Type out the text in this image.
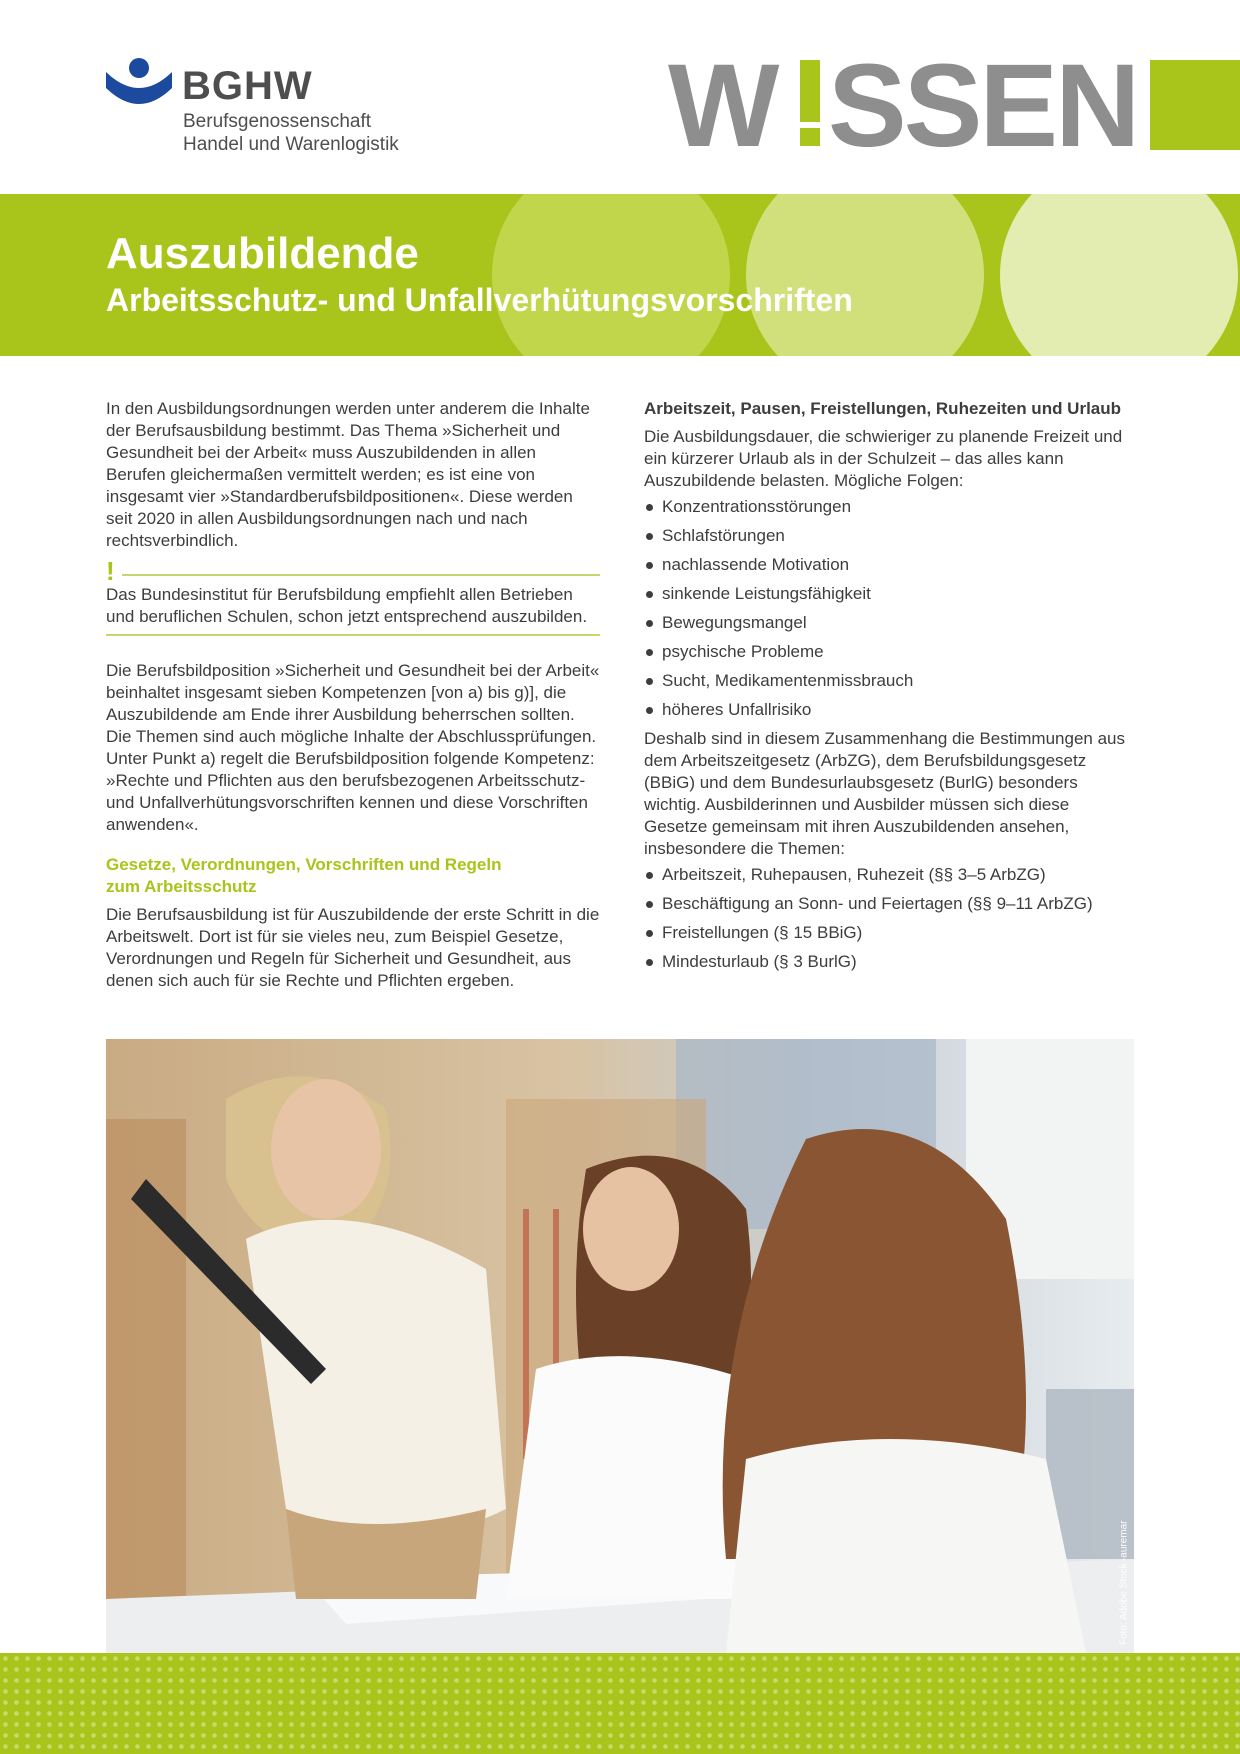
BGHW
Berufsgenossenschaft
Handel und Warenlogistik W SSEN
Auszubildende
Arbeitsschutz- und Unfallverhütungsvorschriften

In den Ausbildungsordnungen werden unter anderem die Inhalte der Berufsausbildung bestimmt. Das Thema »Sicherheit und Gesundheit bei der Arbeit« muss Auszubildenden in allen Berufen gleichermaßen vermittelt werden; es ist eine von insgesamt vier »Standardberufsbildpositionen«. Diese werden seit 2020 in allen Ausbildungsordnungen nach und nach rechtsverbindlich.

!

Das Bundesinstitut für Berufsbildung empfiehlt allen Betrieben und beruflichen Schulen, schon jetzt entsprechend auszubilden.

Die Berufsbildposition »Sicherheit und Gesundheit bei der Arbeit« beinhaltet insgesamt sieben Kompetenzen [von a) bis g)], die Auszubildende am Ende ihrer Ausbildung beherrschen sollten. Die Themen sind auch mögliche Inhalte der Abschlussprüfungen. Unter Punkt a) regelt die Berufsbildposition folgende Kompetenz: »Rechte und Pflichten aus den berufsbezogenen Arbeitsschutz- und Unfallverhütungsvorschriften kennen und diese Vorschriften anwenden«.

Gesetze, Verordnungen, Vorschriften und Regeln
zum Arbeitsschutz

Die Berufsausbildung ist für Auszubildende der erste Schritt in die Arbeitswelt. Dort ist für sie vieles neu, zum Beispiel Gesetze, Verordnungen und Regeln für Sicherheit und Gesundheit, aus denen sich auch für sie Rechte und Pflichten ergeben.

Arbeitszeit, Pausen, Freistellungen, Ruhezeiten und Urlaub

Die Ausbildungsdauer, die schwieriger zu planende Freizeit und ein kürzerer Urlaub als in der Schulzeit – das alles kann Auszubildende belasten. Mögliche Folgen:

Konzentrationsstörungen
Schlafstörungen
nachlassende Motivation
sinkende Leistungsfähigkeit
Bewegungsmangel
psychische Probleme
Sucht, Medikamentenmissbrauch
höheres Unfallrisiko

Deshalb sind in diesem Zusammenhang die Bestimmungen aus dem Arbeitszeitgesetz (ArbZG), dem Berufsbildungsgesetz (BBiG) und dem Bundesurlaubsgesetz (BurlG) besonders wichtig. Ausbilderinnen und Ausbilder müssen sich diese Gesetze gemeinsam mit ihren Auszubildenden ansehen, insbesondere die Themen:

Arbeitszeit, Ruhepausen, Ruhezeit (§§ 3–5 ArbZG)
Beschäftigung an Sonn- und Feiertagen (§§ 9–11 ArbZG)
Freistellungen (§ 15 BBiG)
Mindesturlaub (§ 3 BurlG)
Foto: Adobe Stock–auremar
